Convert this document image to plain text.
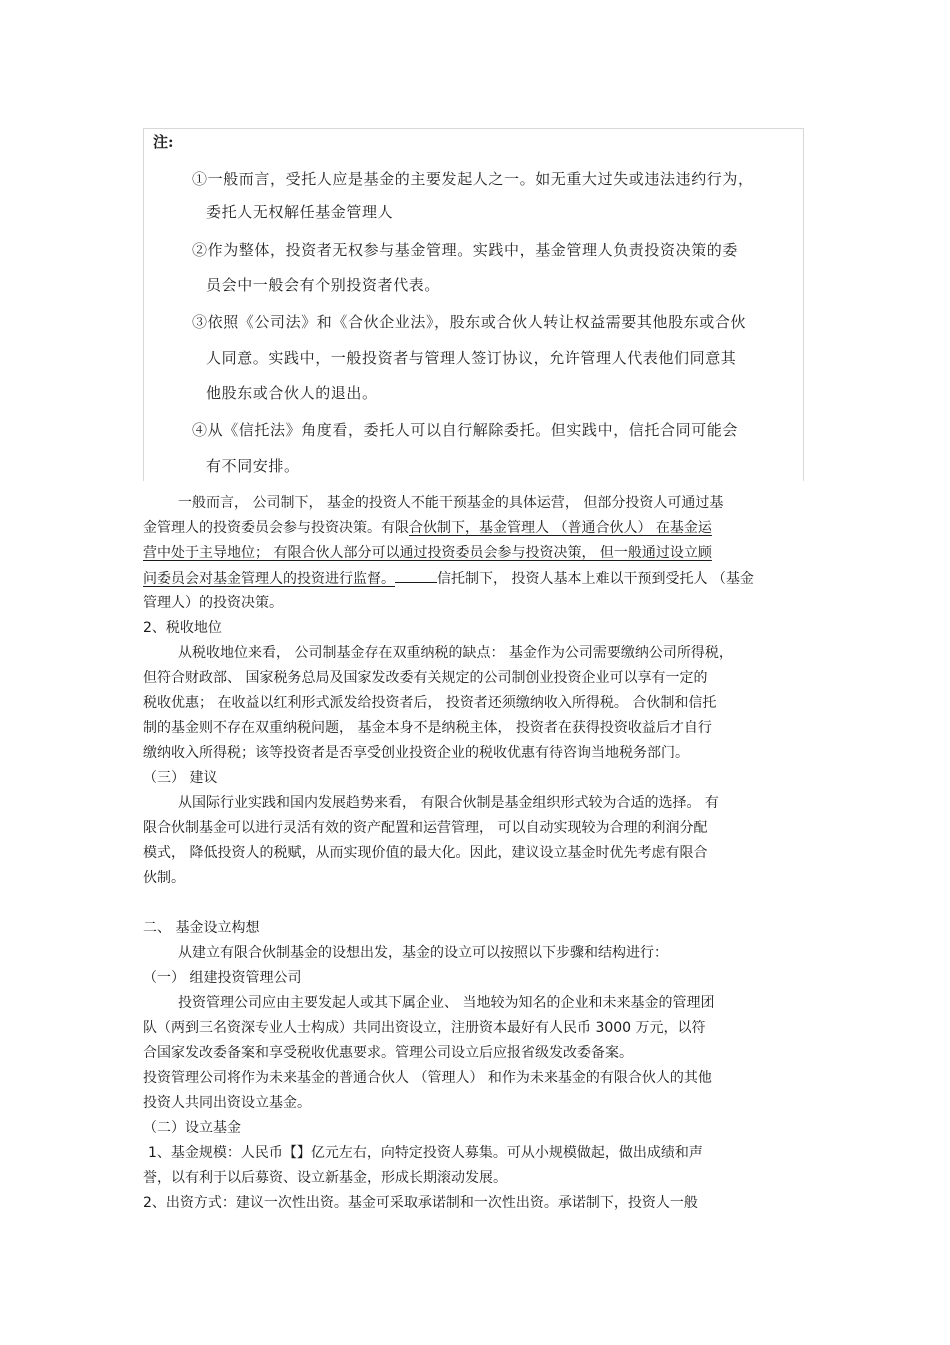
注:
①一般而言，受托人应是基金的主要发起人之一。如无重大过失或违法违约行为，
委托人无权解任基金管理人
②作为整体，投资者无权参与基金管理。实践中，基金管理人负责投资决策的委
员会中一般会有个别投资者代表。
③依照《公司法》和《合伙企业法》，股东或合伙人转让权益需要其他股东或合伙
人同意。实践中，一般投资者与管理人签订协议，允许管理人代表他们同意其
他股东或合伙人的退出。
④从《信托法》角度看，委托人可以自行解除委托。但实践中，信托合同可能会
有不同安排。
一般而言， 公司制下， 基金的投资人不能干预基金的具体运营， 但部分投资人可通过基
金管理人的投资委员会参与投资决策。有限合伙制下，基金管理人 （普通合伙人） 在基金运
营中处于主导地位； 有限合伙人部分可以通过投资委员会参与投资决策， 但一般通过设立顾
问委员会对基金管理人的投资进行监督。	信托制下， 投资人基本上难以干预到受托人 （基金
管理人）的投资决策。
2、税收地位
从税收地位来看， 公司制基金存在双重纳税的缺点： 基金作为公司需要缴纳公司所得税，
但符合财政部、 国家税务总局及国家发改委有关规定的公司制创业投资企业可以享有一定的
税收优惠； 在收益以红利形式派发给投资者后， 投资者还须缴纳收入所得税。 合伙制和信托
制的基金则不存在双重纳税问题， 基金本身不是纳税主体， 投资者在获得投资收益后才自行
缴纳收入所得税；该等投资者是否享受创业投资企业的税收优惠有待咨询当地税务部门。
（三） 建议
从国际行业实践和国内发展趋势来看， 有限合伙制是基金组织形式较为合适的选择。 有
限合伙制基金可以进行灵活有效的资产配置和运营管理， 可以自动实现较为合理的利润分配
模式， 降低投资人的税赋，从而实现价值的最大化。因此，建议设立基金时优先考虑有限合
伙制。
二、 基金设立构想
从建立有限合伙制基金的设想出发，基金的设立可以按照以下步骤和结构进行：
（一） 组建投资管理公司
投资管理公司应由主要发起人或其下属企业、 当地较为知名的企业和未来基金的管理团
队（两到三名资深专业人士构成）共同出资设立，注册资本最好有人民币 3000 万元，以符
合国家发改委备案和享受税收优惠要求。管理公司设立后应报省级发改委备案。
投资管理公司将作为未来基金的普通合伙人 （管理人） 和作为未来基金的有限合伙人的其他
投资人共同出资设立基金。
（二）设立基金
1、基金规模：人民币【】亿元左右，向特定投资人募集。可从小规模做起，做出成绩和声
誉，以有利于以后募资、设立新基金，形成长期滚动发展。
2、出资方式：建议一次性出资。基金可采取承诺制和一次性出资。承诺制下，投资人一般
